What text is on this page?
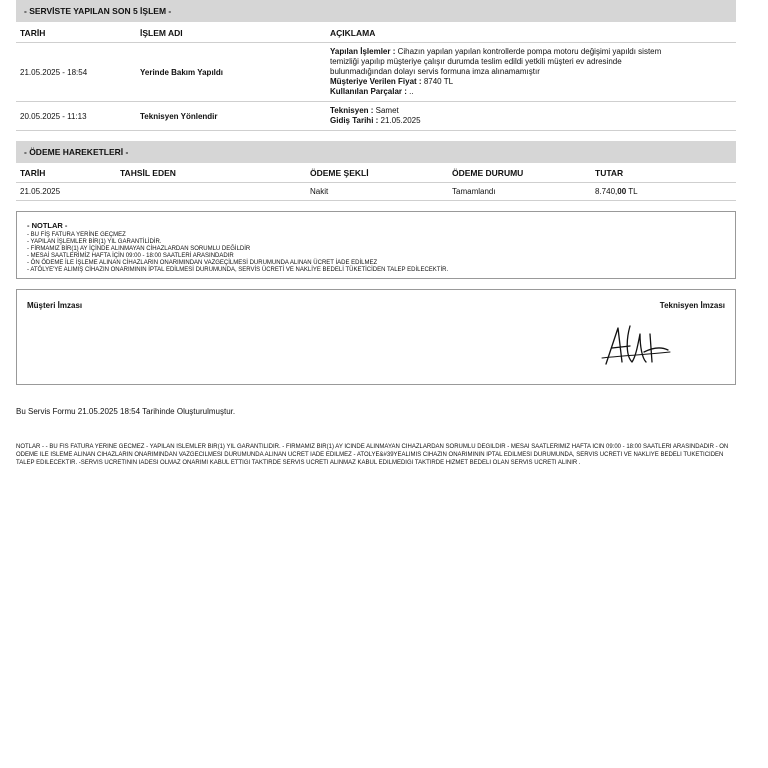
- SERVİSTE YAPILAN SON 5 İŞLEM -
TARİH	İŞLEM ADI	AÇIKLAMA
21.05.2025 - 18:54	Yerinde Bakım Yapıldı	Yapılan İşlemler : Cihazın yapılan yapılan kontrollerde pompa motoru değişimi yapıldı sistem
temizliği yapılıp müşteriye çalışır durumda teslim edildi yetkili müşteri ev adresinde
bulunmadığından dolayı servis formuna imza alınamamıştır
Müşteriye Verilen Fiyat : 8740 TL
Kullanılan Parçalar : ..

20.05.2025 - 11:13	Teknisyen Yönlendir	Teknisyen : Samet
Gidiş Tarihi : 21.05.2025
- ÖDEME HAREKETLERİ -
TARİH	TAHSİL EDEN	ÖDEME ŞEKLİ	ÖDEME DURUMU	TUTAR
21.05.2025		Nakit	Tamamlandı	8.740,00 TL
- NOTLAR -
- BU FİŞ FATURA YERİNE GEÇMEZ
- YAPILAN İŞLEMLER BİR(1) YIL GARANTİLİDİR.
- FİRMAMIZ BİR(1) AY İÇİNDE ALINMAYAN CİHAZLARDAN SORUMLU DEĞİLDİR
- MESAİ SAATLERİMİZ HAFTA İÇİN 09:00 - 18:00 SAATLERİ ARASINDADIR
- ÖN ÖDEME İLE İŞLEME ALINAN CİHAZLARIN ONARIMINDAN VAZGEÇİLMESİ DURUMUNDA ALINAN ÜCRET İADE EDİLMEZ
- ATÖLYE'YE ALIMIŞ CİHAZIN ONARIMININ İPTAL EDİLMESİ DURUMUNDA, SERVİS ÜCRETİ VE NAKLİYE BEDELİ TÜKETİCİDEN TALEP EDİLECEKTİR.
Müşteri İmzası	Teknisyen İmzası
Bu Servis Formu 21.05.2025 18:54 Tarihinde Oluşturulmuştur.
NOTLAR - - BU FIS FATURA YERINE GECMEZ - YAPILAN ISLEMLER BIR(1) YIL GARANTILIDIR. - FIRMAMIZ BIR(1) AY ICINDE ALINMAYAN CIHAZLARDAN SORUMLU DEGILDIR - MESAI SAATLERIMIZ HAFTA ICIN 09:00 - 18:00 SAATLERI ARASINDADIR - ON ODEME ILE ISLEME ALINAN CIHAZLARIN ONARIMINDAN VAZGECILMESI DURUMUNDA ALINAN UCRET IADE EDILMEZ - ATOLYE&#39YEALIMIS CIHAZIN ONARIMININ IPTAL EDILMESI DURUMUNDA, SERVIS UCRETI VE NAKLIYE BEDELI TUKETICIDEN TALEP EDILECEKTIR. -SERVIS UCRETININ IADESI OLMAZ ONARIMI KABUL ETTIGI TAKTIRDE SERVIS UCRETI ALINMAZ KABUL EDILMEDIGI TAKTIRDE HIZMET BEDELI OLAN SERVIS UCRETI ALINIR .
